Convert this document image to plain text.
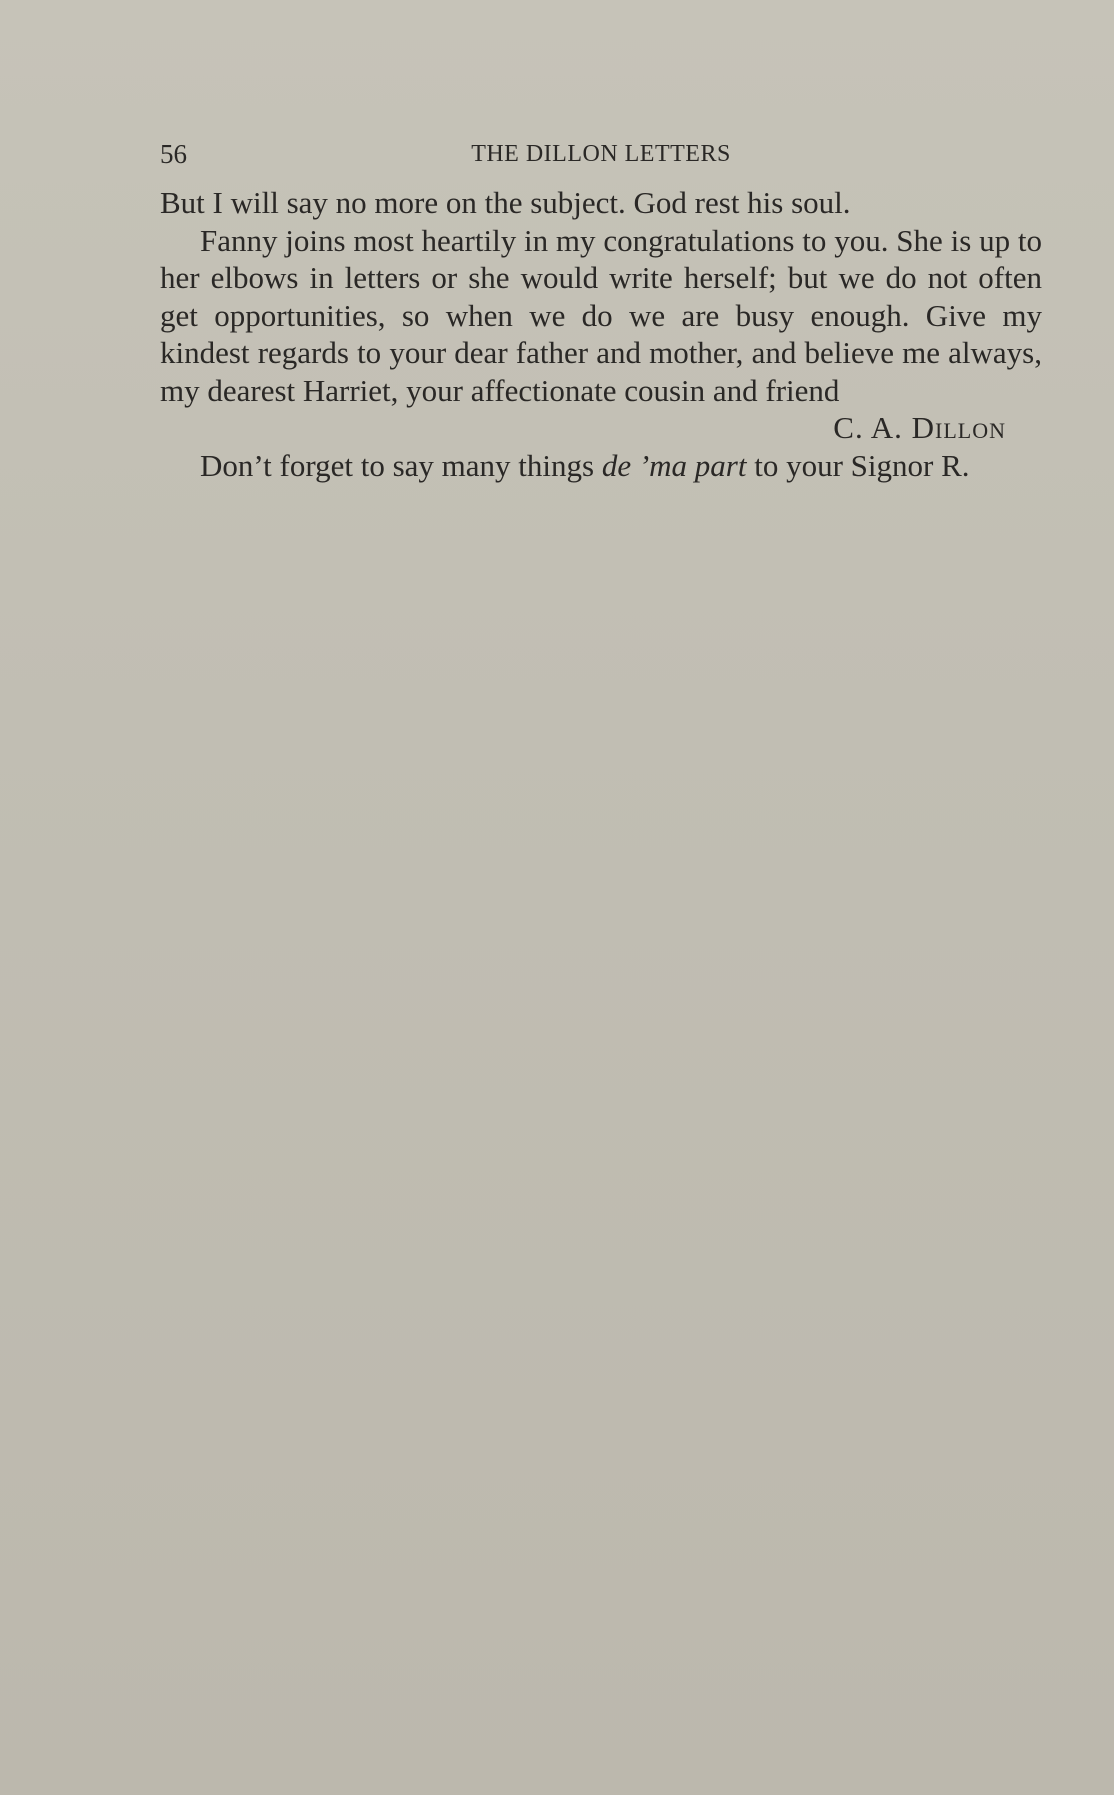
56	THE DILLON LETTERS

But I will say no more on the subject. God rest his soul.

Fanny joins most heartily in my congratulations to you. She is up to her elbows in letters or she would write herself; but we do not often get opportunities, so when we do we are busy enough. Give my kindest regards to your dear father and mother, and believe me always, my dearest Harriet, your affectionate cousin and friend

C. A. Dillon

Don’t forget to say many things de ’ma part to your Signor R.
